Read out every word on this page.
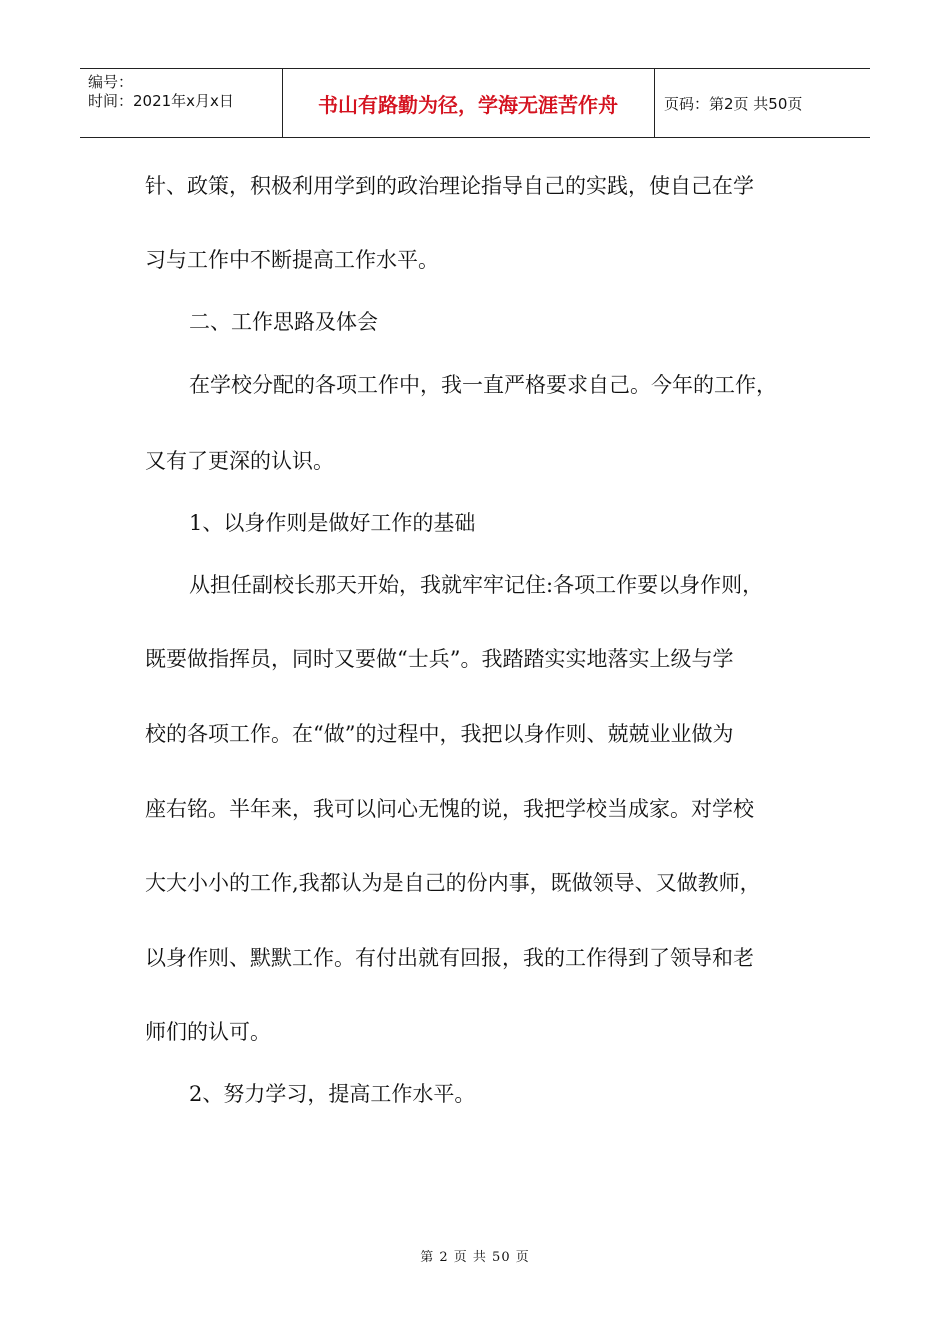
编号：
时间：2021年x月x日	书山有路勤为径，学海无涯苦作舟	页码：第2页 共50页
针、政策，积极利用学到的政治理论指导自己的实践，使自己在学
习与工作中不断提高工作水平。
二、工作思路及体会
在学校分配的各项工作中，我一直严格要求自己。今年的工作，
又有了更深的认识。
1、以身作则是做好工作的基础
从担任副校长那天开始，我就牢牢记住:各项工作要以身作则，
既要做指挥员，同时又要做“士兵”。我踏踏实实地落实上级与学
校的各项工作。在“做”的过程中，我把以身作则、兢兢业业做为
座右铭。半年来，我可以问心无愧的说，我把学校当成家。对学校
大大小小的工作,我都认为是自己的份内事，既做领导、又做教师，
以身作则、默默工作。有付出就有回报，我的工作得到了领导和老
师们的认可。
2、努力学习，提高工作水平。
第 2 页 共 50 页
